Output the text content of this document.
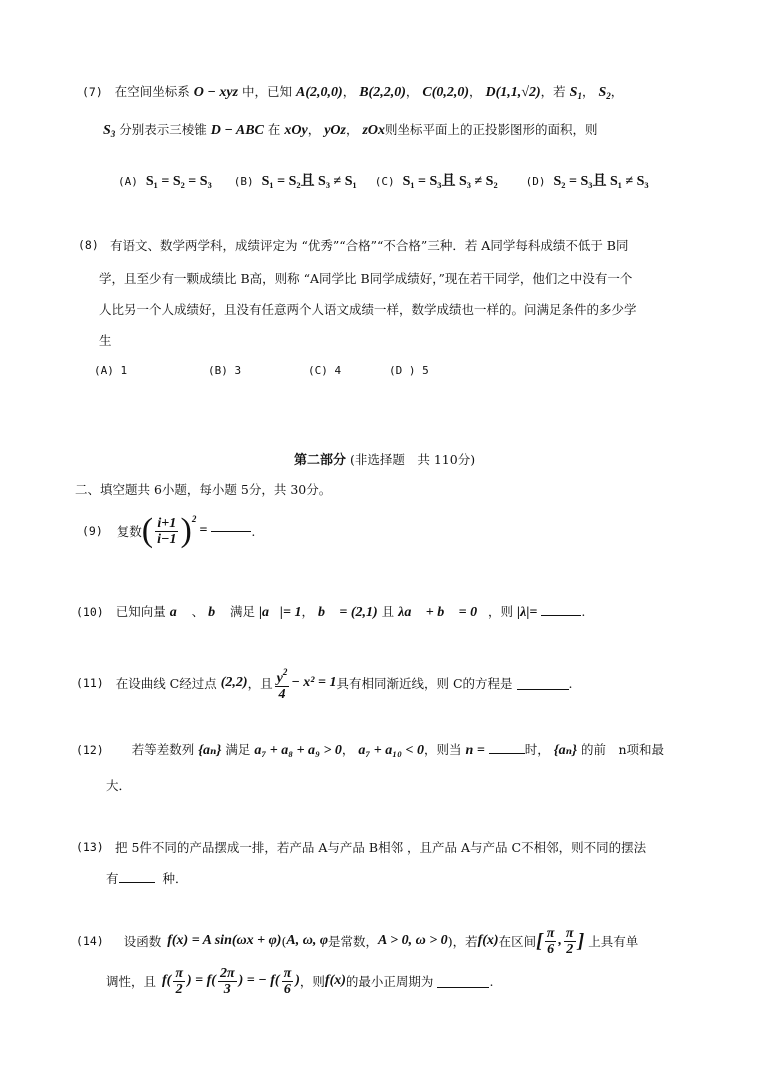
(7) 在空间坐标系 O − xyz 中，已知 A(2,0,0)， B(2,2,0)， C(0,2,0)， D(1,1,√2)，若 $S_1$， $S_2$，
$S_3$ 分别表示三棱锥 D − ABC 在 xOy， yOz， zOx则坐标平面上的正投影图形的面积，则
(A) S₁ = S₂ = S₃ (B) S₁ = S₂且 S₃ ≠ S₁ (C) S₁ = S₃且 S₃ ≠ S₂	(D) S₂ = S₃且 S₁ ≠ S₃
(8) 有语文、数学两学科，成绩评定为 “优秀”“合格”“不合格”三种．若 A同学每科成绩不低于 B同
学，且至少有一颗成绩比 B高，则称 “A同学比 B同学成绩好，”现在若干同学，他们之中没有一个
人比另一个人成绩好，且没有任意两个人语文成绩一样，数学成绩也一样的。问满足条件的多少学
生
(A) 1	(B) 3	(C) 4	(D ) 5
第二部分 (非选择题　共 110分)
二、填空题共 6小题，每小题 5分，共 30分。
(9) 复数 ( $\frac{i+1}{i-1} )^2$
=	.
(10) 已知向量 a⃗ 、 b⃗ 满足 |a⃗|= 1， b⃗ = (2,1) 且 λa⃗ + b⃗ = 0⃗，则 |λ|=	.
(11) 在设曲线 C经过点 (2,2) ，且 $\frac{y^2}{4} - x^2 = 1$ 具有相同渐近线，则 C的方程是	.
(12) 若等差数列 {aₙ} 满足 a₇ + a₈ + a₉ > 0， a₇ + a₁₀ < 0，则当 n =	时， {aₙ} 的前　n项和最
大．
(13) 把 5件不同的产品摆成一排，若产品 A与产品 B相邻 ，且产品 A与产品 C不相邻，则不同的摆法
有	种．
(14) 设函数 f(x) = A sin(ωx + φ) ( A, ω, φ 是常数， A > 0, ω > 0 )，若 f(x) 在区间 [ $\frac{\pi}{6}$ , $\frac{\pi}{2}$ ] 上具有单
调性，且 $f( \frac{\pi}{2}$ ) = $f( \frac{2\pi}{3}$ ) = − $f( \frac{\pi}{6}$ ) ，则 f(x) 的最小正周期为	.
